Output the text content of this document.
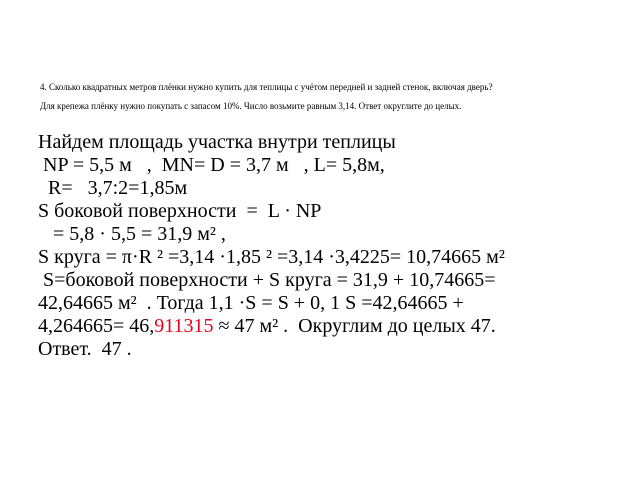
4. Сколько квадратных метров плёнки нужно купить для теплицы с учётом передней и задней стенок, включая дверь?
Для крепежа плёнку нужно покупать с запасом 10%. Число возьмите равным 3,14. Ответ округлите до целых.
Найдем площадь участка внутри теплицы
NP = 5,5 м   ,  MN= D = 3,7 м   , L= 5,8м,
R=   3,7:2=1,85м
S боковой поверхности  =  L · NP
= 5,8 · 5,5 = 31,9 м² ,
S круга = π·R ² =3,14 ·1,85 ² =3,14 ·3,4225= 10,74665 м²
S=боковой поверхности + S круга = 31,9 + 10,74665=
42,64665 м²  . Тогда 1,1 ·S = S + 0, 1 S =42,64665 +
4,264665= 46,911315 ≈ 47 м² .  Округлим до целых 47.
Ответ.  47 .
